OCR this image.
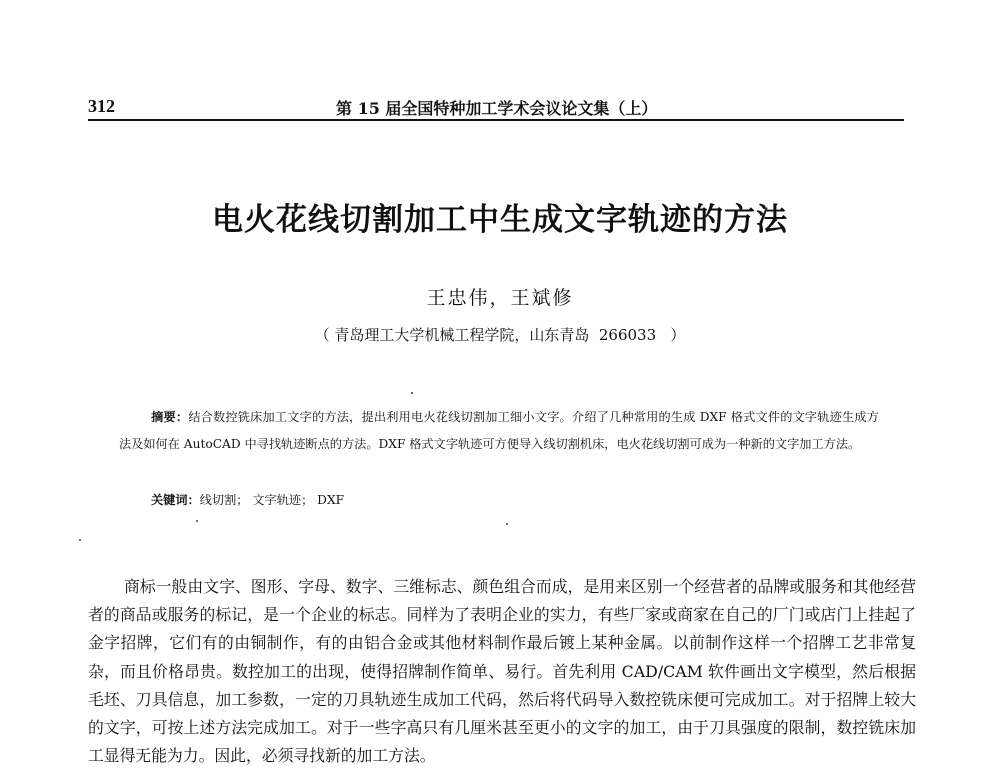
312	第 15 届全国特种加工学术会议论文集（上）
电火花线切割加工中生成文字轨迹的方法
王忠伟，王斌修
（ 青岛理工大学机械工程学院，山东青岛  266033   ）
摘要：结合数控铣床加工文字的方法，提出利用电火花线切割加工细小文字。介绍了几种常用的生成 DXF 格式文件的文字轨迹生成方法及如何在 AutoCAD 中寻找轨迹断点的方法。DXF 格式文字轨迹可方便导入线切割机床，电火花线切割可成为一种新的文字加工方法。
关键词：线切割； 文字轨迹； DXF
商标一般由文字、图形、字母、数字、三维标志、颜色组合而成，是用来区别一个经营者的品牌或服务和其他经营者的商品或服务的标记，是一个企业的标志。同样为了表明企业的实力，有些厂家或商家在自己的厂门或店门上挂起了金字招牌，它们有的由铜制作，有的由铝合金或其他材料制作最后镀上某种金属。以前制作这样一个招牌工艺非常复杂，而且价格昂贵。数控加工的出现，使得招牌制作简单、易行。首先利用 CAD/CAM 软件画出文字模型，然后根据毛坯、刀具信息，加工参数，一定的刀具轨迹生成加工代码，然后将代码导入数控铣床便可完成加工。对于招牌上较大的文字，可按上述方法完成加工。对于一些字高只有几厘米甚至更小的文字的加工，由于刀具强度的限制，数控铣床加工显得无能为力。因此，必须寻找新的加工方法。
